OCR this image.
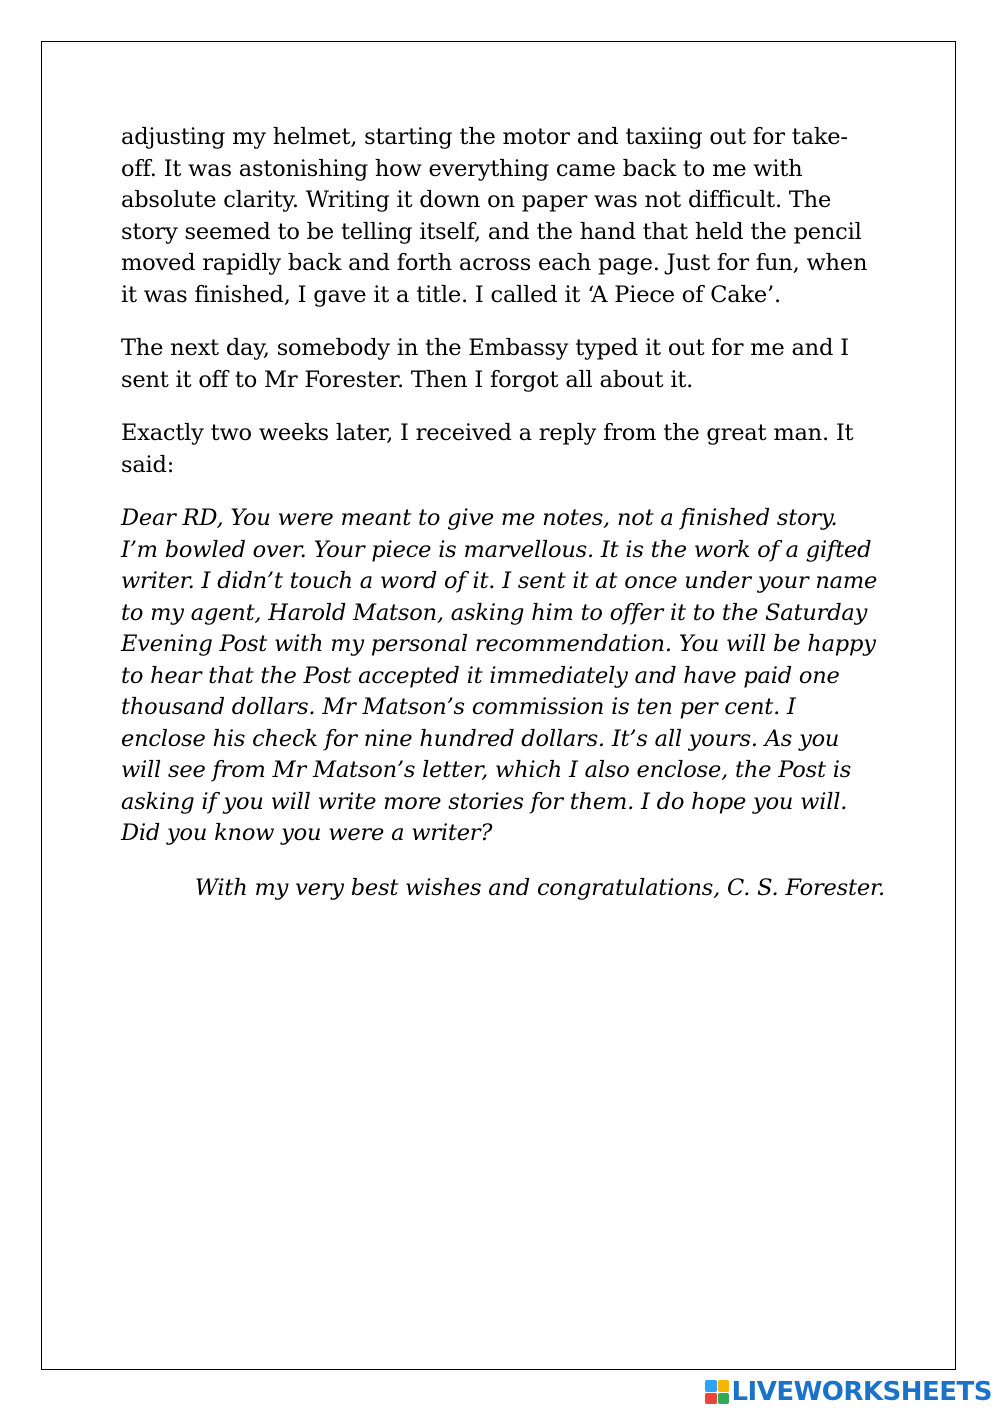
adjusting my helmet, starting the motor and taxiing out for take-off. It was astonishing how everything came back to me with absolute clarity. Writing it down on paper was not difficult. The story seemed to be telling itself, and the hand that held the pencil moved rapidly back and forth across each page. Just for fun, when it was finished, I gave it a title. I called it ‘A Piece of Cake’.

The next day, somebody in the Embassy typed it out for me and I sent it off to Mr Forester. Then I forgot all about it.

Exactly two weeks later, I received a reply from the great man. It said:

Dear RD, You were meant to give me notes, not a finished story. I’m bowled over. Your piece is marvellous. It is the work of a gifted writer. I didn’t touch a word of it. I sent it at once under your name to my agent, Harold Matson, asking him to offer it to the Saturday Evening Post with my personal recommendation. You will be happy to hear that the Post accepted it immediately and have paid one thousand dollars. Mr Matson’s commission is ten per cent. I enclose his check for nine hundred dollars. It’s all yours. As you will see from Mr Matson’s letter, which I also enclose, the Post is asking if you will write more stories for them. I do hope you will. Did you know you were a writer?

With my very best wishes and congratulations, C. S. Forester.

LIVEWORKSHEETS
